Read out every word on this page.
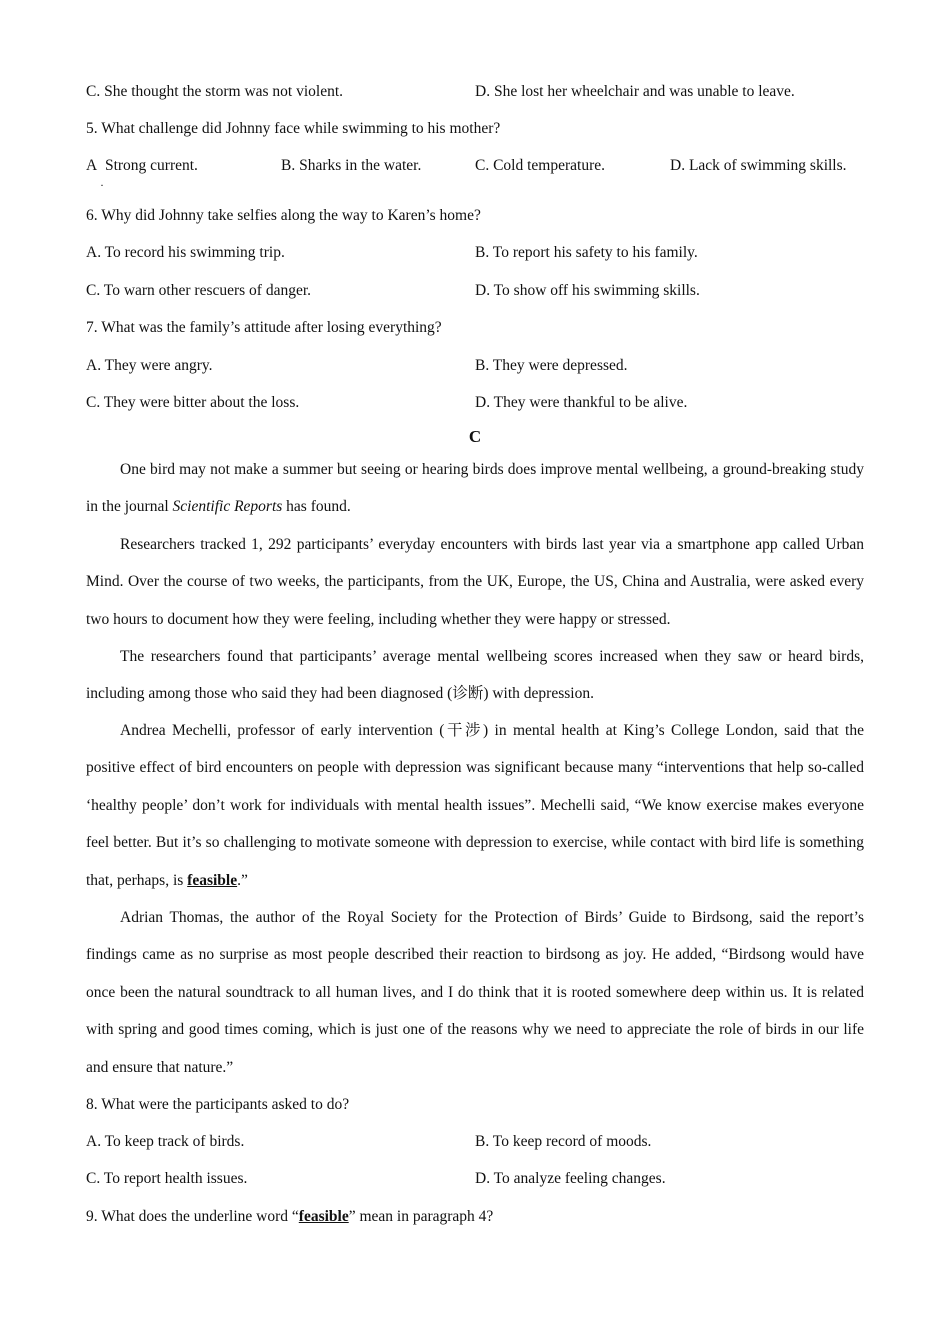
C. She thought the storm was not violent.	D. She lost her wheelchair and was unable to leave.
5. What challenge did Johnny face while swimming to his mother?
A Strong current.
·
B. Sharks in the water.	C. Cold temperature.	D. Lack of swimming skills.
6. Why did Johnny take selfies along the way to Karen’s home?
A. To record his swimming trip.	B. To report his safety to his family.
C. To warn other rescuers of danger.	D. To show off his swimming skills.
7. What was the family’s attitude after losing everything?
A. They were angry.	B. They were depressed.
C. They were bitter about the loss.	D. They were thankful to be alive.
C
One bird may not make a summer but seeing or hearing birds does improve mental wellbeing, a ground-breaking study in the journal Scientific Reports has found.
Researchers tracked 1, 292 participants’ everyday encounters with birds last year via a smartphone app called Urban Mind. Over the course of two weeks, the participants, from the UK, Europe, the US, China and Australia, were asked every two hours to document how they were feeling, including whether they were happy or stressed.
The researchers found that participants’ average mental wellbeing scores increased when they saw or heard birds, including among those who said they had been diagnosed (诊断) with depression.
Andrea Mechelli, professor of early intervention (干涉) in mental health at King’s College London, said that the positive effect of bird encounters on people with depression was significant because many “interventions that help so-called ‘healthy people’ don’t work for individuals with mental health issues”. Mechelli said, “We know exercise makes everyone feel better. But it’s so challenging to motivate someone with depression to exercise, while contact with bird life is something that, perhaps, is feasible.”
Adrian Thomas, the author of the Royal Society for the Protection of Birds’ Guide to Birdsong, said the report’s findings came as no surprise as most people described their reaction to birdsong as joy. He added, “Birdsong would have once been the natural soundtrack to all human lives, and I do think that it is rooted somewhere deep within us. It is related with spring and good times coming, which is just one of the reasons why we need to appreciate the role of birds in our life and ensure that nature.”
8. What were the participants asked to do?
A. To keep track of birds.	B. To keep record of moods.
C. To report health issues.	D. To analyze feeling changes.
9. What does the underline word “feasible” mean in paragraph 4?
